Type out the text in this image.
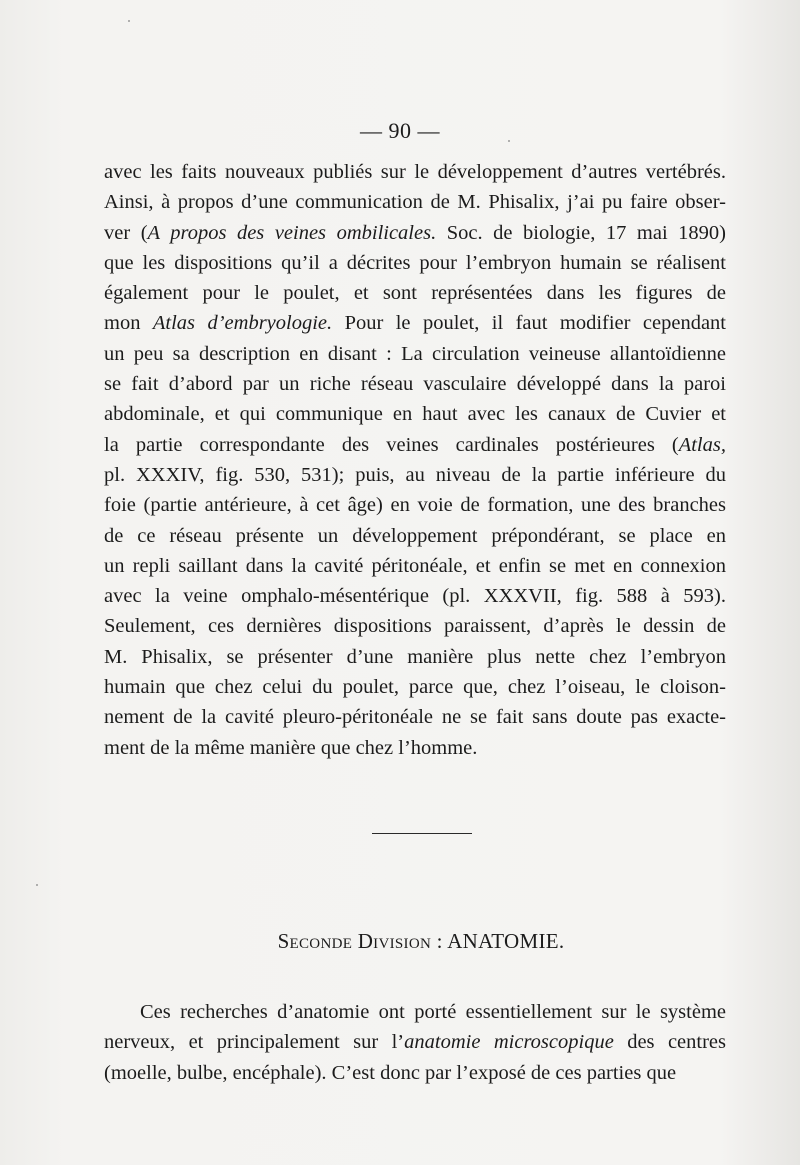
— 90 —
avec les faits nouveaux publiés sur le développement d’autres vertébrés.
Ainsi, à propos d’une communication de M. Phisalix, j’ai pu faire obser-
ver (A propos des veines ombilicales. Soc. de biologie, 17 mai 1890)
que les dispositions qu’il a décrites pour l’embryon humain se réalisent
également pour le poulet, et sont représentées dans les figures de
mon Atlas d’embryologie. Pour le poulet, il faut modifier cependant
un peu sa description en disant : La circulation veineuse allantoïdienne
se fait d’abord par un riche réseau vasculaire développé dans la paroi
abdominale, et qui communique en haut avec les canaux de Cuvier et
la partie correspondante des veines cardinales postérieures (Atlas,
pl. XXXIV, fig. 530, 531); puis, au niveau de la partie inférieure du
foie (partie antérieure, à cet âge) en voie de formation, une des branches
de ce réseau présente un développement prépondérant, se place en
un repli saillant dans la cavité péritonéale, et enfin se met en connexion
avec la veine omphalo-mésentérique (pl. XXXVII, fig. 588 à 593).
Seulement, ces dernières dispositions paraissent, d’après le dessin de
M. Phisalix, se présenter d’une manière plus nette chez l’embryon
humain que chez celui du poulet, parce que, chez l’oiseau, le cloison-
nement de la cavité pleuro-péritonéale ne se fait sans doute pas exacte-
ment de la même manière que chez l’homme.
Seconde Division : ANATOMIE.
Ces recherches d’anatomie ont porté essentiellement sur le système
nerveux, et principalement sur l’anatomie microscopique des centres
(moelle, bulbe, encéphale). C’est donc par l’exposé de ces parties que
